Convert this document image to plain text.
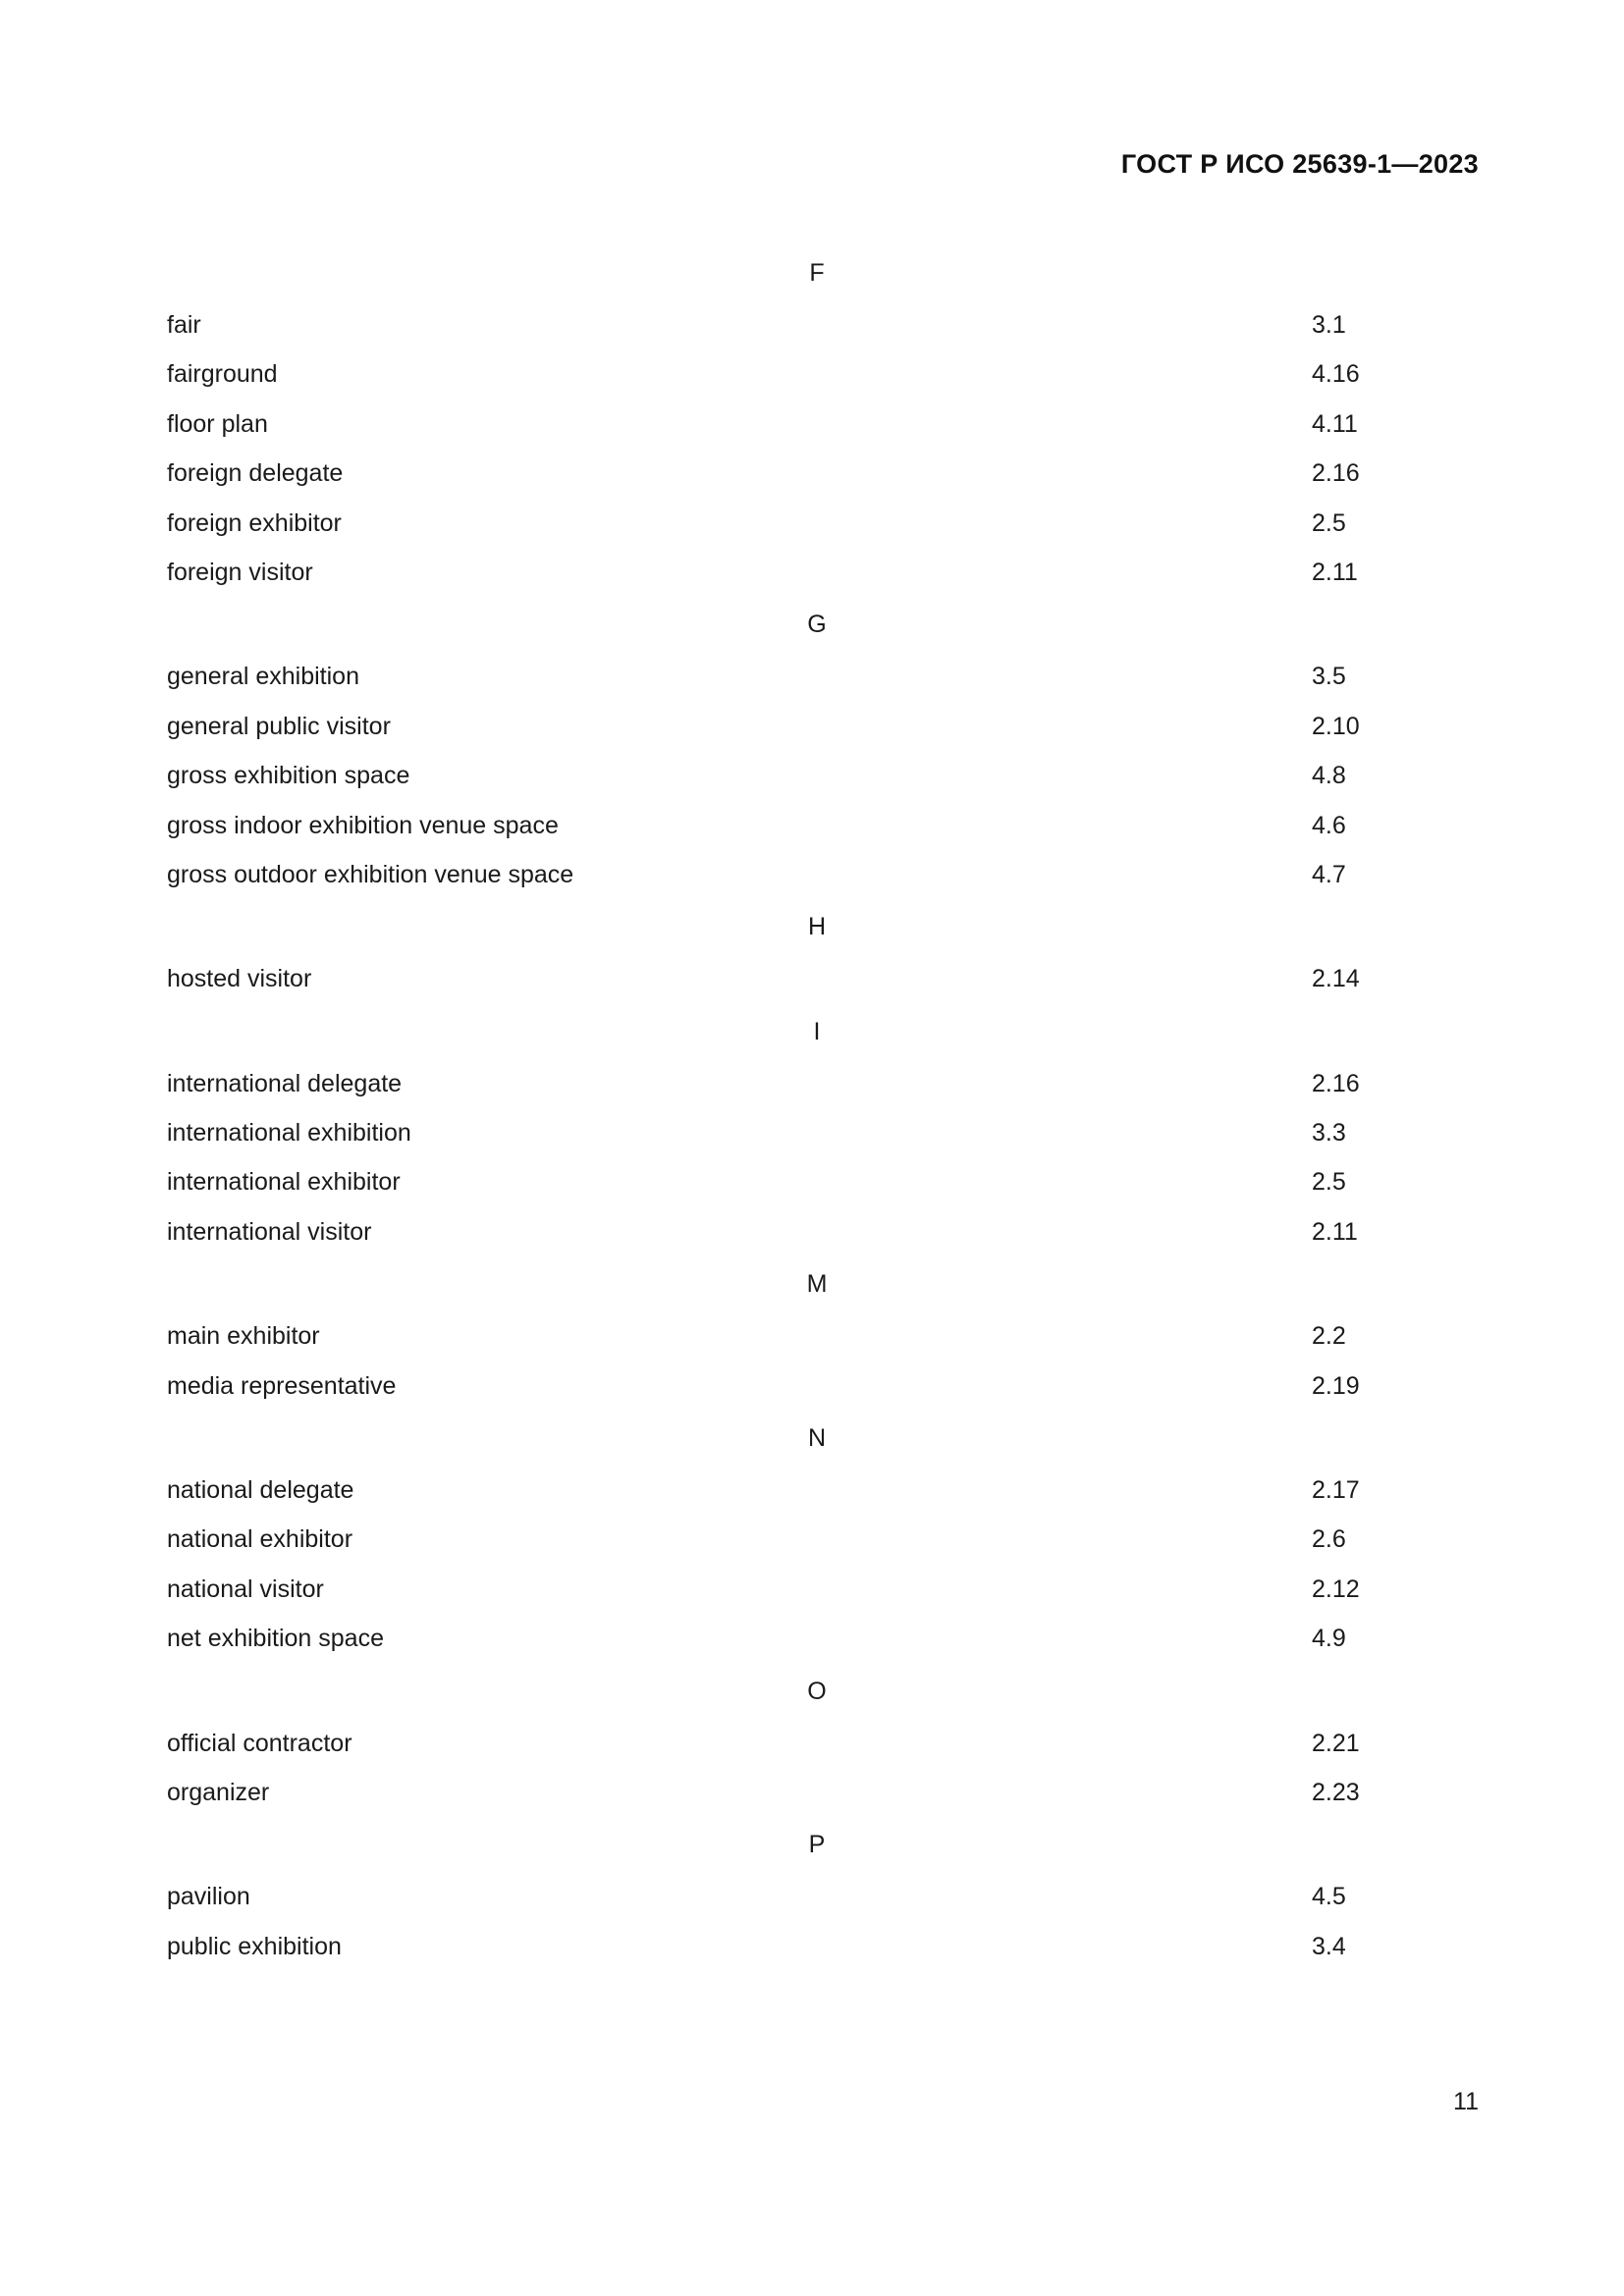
ГОСТ Р ИСО 25639-1—2023
F
fair	3.1
fairground	4.16
floor plan	4.11
foreign delegate	2.16
foreign exhibitor	2.5
foreign visitor	2.11
G
general exhibition	3.5
general public visitor	2.10
gross exhibition space	4.8
gross indoor exhibition venue space	4.6
gross outdoor exhibition venue space	4.7
H
hosted visitor	2.14
I
international delegate	2.16
international exhibition	3.3
international exhibitor	2.5
international visitor	2.11
M
main exhibitor	2.2
media representative	2.19
N
national delegate	2.17
national exhibitor	2.6
national visitor	2.12
net exhibition space	4.9
O
official contractor	2.21
organizer	2.23
P
pavilion	4.5
public exhibition	3.4
11
